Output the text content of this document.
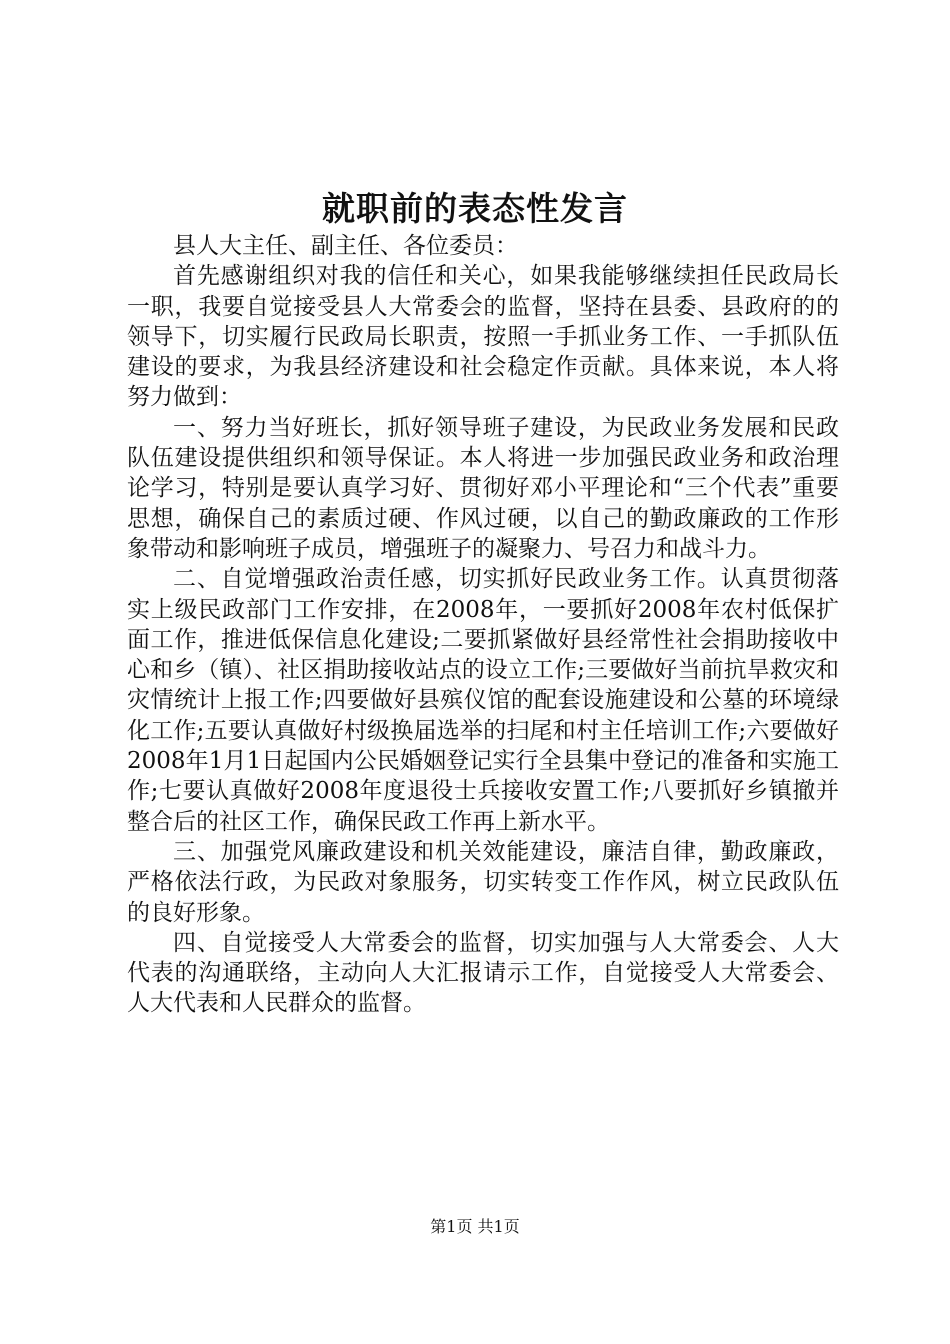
就职前的表态性发言

县人大主任、副主任、各位委员：

首先感谢组织对我的信任和关心，如果我能够继续担任民政局长一职，我要自觉接受县人大常委会的监督，坚持在县委、县政府的的领导下，切实履行民政局长职责，按照一手抓业务工作、一手抓队伍建设的要求，为我县经济建设和社会稳定作贡献。具体来说，本人将努力做到：

一、努力当好班长，抓好领导班子建设，为民政业务发展和民政队伍建设提供组织和领导保证。本人将进一步加强民政业务和政治理论学习，特别是要认真学习好、贯彻好邓小平理论和“三个代表”重要思想，确保自己的素质过硬、作风过硬，以自己的勤政廉政的工作形象带动和影响班子成员，增强班子的凝聚力、号召力和战斗力。

二、自觉增强政治责任感，切实抓好民政业务工作。认真贯彻落实上级民政部门工作安排，在2008年，一要抓好2008年农村低保扩面工作，推进低保信息化建设;二要抓紧做好县经常性社会捐助接收中心和乡（镇）、社区捐助接收站点的设立工作;三要做好当前抗旱救灾和灾情统计上报工作;四要做好县殡仪馆的配套设施建设和公墓的环境绿化工作;五要认真做好村级换届选举的扫尾和村主任培训工作;六要做好2008年1月1日起国内公民婚姻登记实行全县集中登记的准备和实施工作;七要认真做好2008年度退役士兵接收安置工作;八要抓好乡镇撤并整合后的社区工作，确保民政工作再上新水平。

三、加强党风廉政建设和机关效能建设，廉洁自律，勤政廉政，严格依法行政，为民政对象服务，切实转变工作作风，树立民政队伍的良好形象。

四、自觉接受人大常委会的监督，切实加强与人大常委会、人大代表的沟通联络，主动向人大汇报请示工作，自觉接受人大常委会、人大代表和人民群众的监督。

第1页 共1页
